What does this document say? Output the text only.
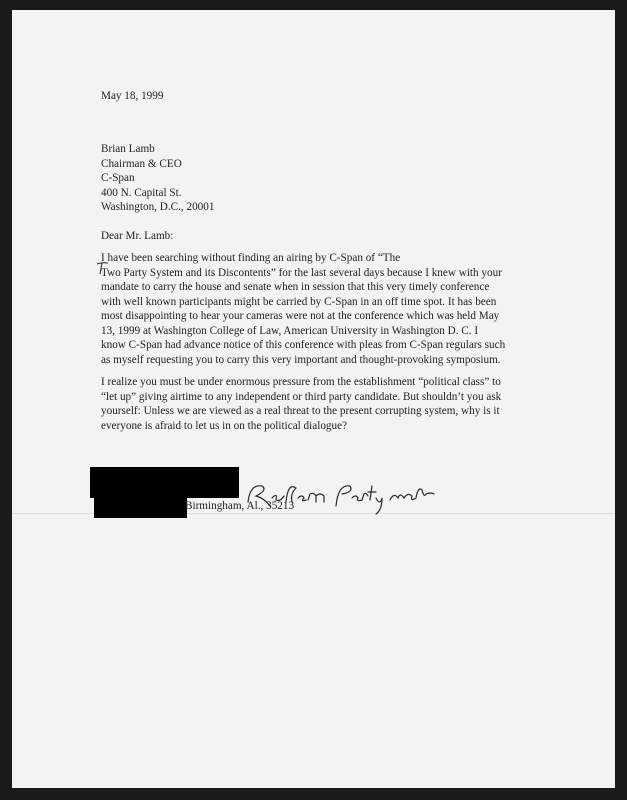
May 18, 1999
Brian Lamb
Chairman & CEO
C-Span
400 N. Capital St.
Washington, D.C., 20001
Dear Mr. Lamb:
I have been searching without finding an airing by C-Span of “The
Two Party System and its Discontents” for the last several days because I knew with your
mandate to carry the house and senate when in session that this very timely conference
with well known participants might be carried by C-Span in an off time spot. It has been
most disappointing to hear your cameras were not at the conference which was held May
13, 1999 at Washington College of Law, American University in Washington D. C. I
know C-Span had advance notice of this conference with pleas from C-Span regulars such
as myself requesting you to carry this very important and thought-provoking symposium.
I realize you must be under enormous pressure from the establishment “political class” to
“let up” giving airtime to any independent or third party candidate. But shouldn’t you ask
yourself: Unless we are viewed as a real threat to the present corrupting system, why is it
everyone is afraid to let us in on the political dialogue?
Birmingham, Al., 35213
